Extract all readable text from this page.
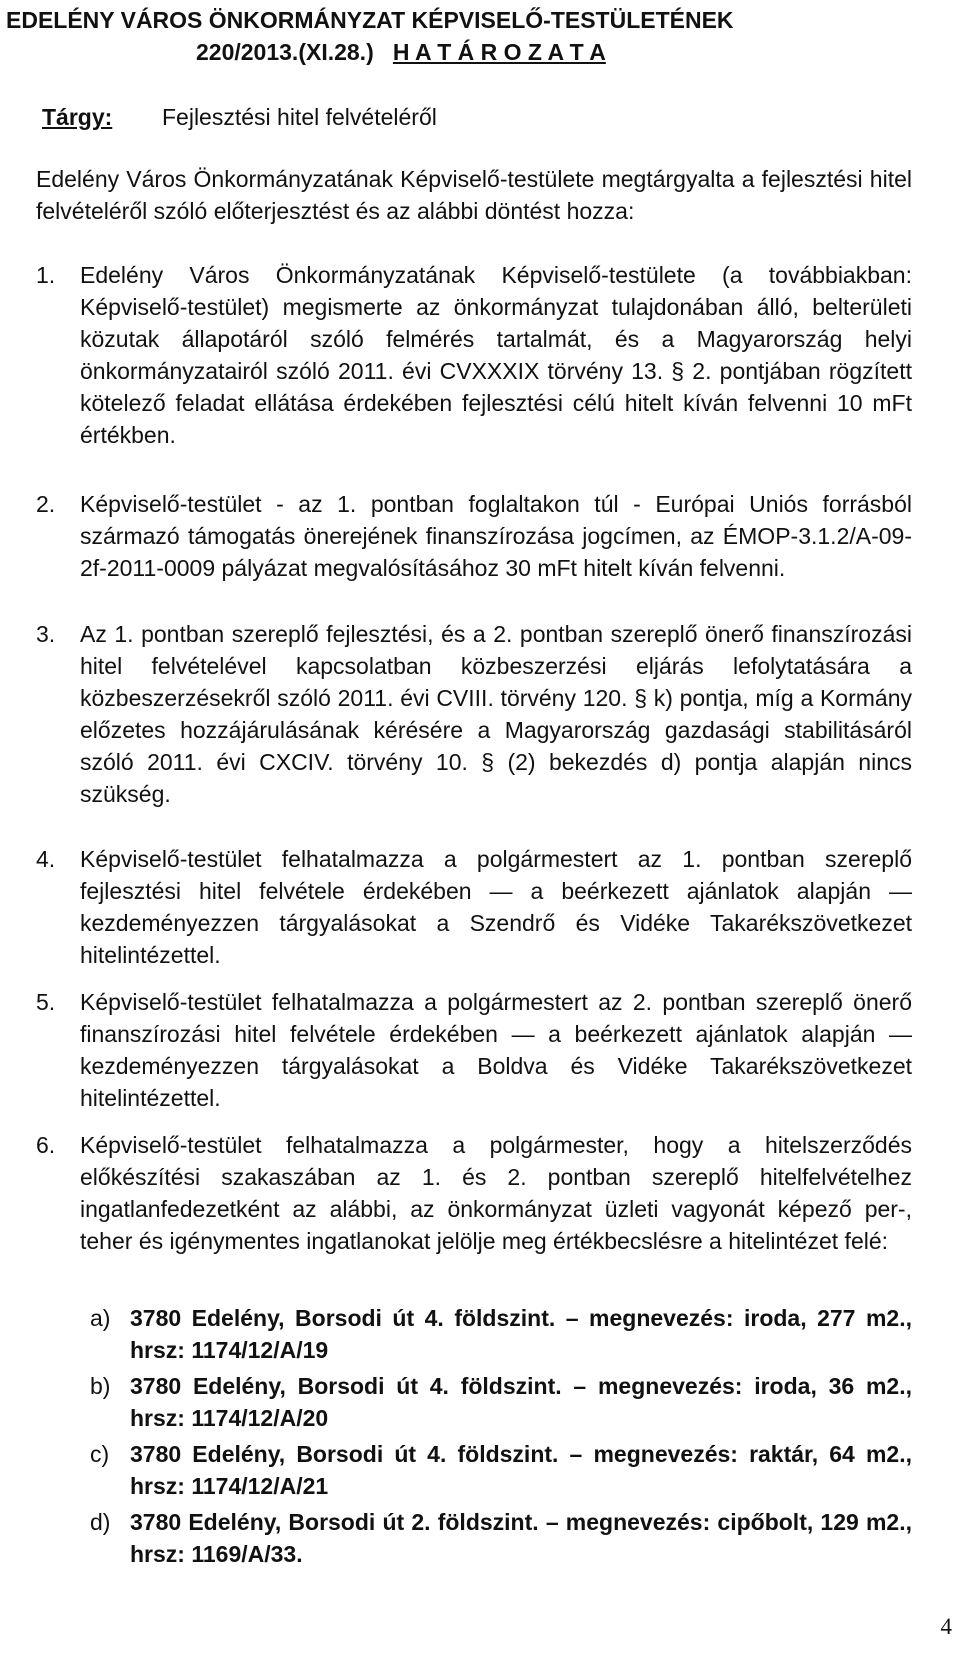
EDELÉNY VÁROS ÖNKORMÁNYZAT KÉPVISELŐ-TESTÜLETÉNEK
220/2013.(XI.28.) H A T Á R O Z A T A
Tárgy: Fejlesztési hitel felvételéről
Edelény Város Önkormányzatának Képviselő-testülete megtárgyalta a fejlesztési hitel felvételéről szóló előterjesztést és az alábbi döntést hozza:
1.	Edelény Város Önkormányzatának Képviselő-testülete (a továbbiakban: Képviselő-testület) megismerte az önkormányzat tulajdonában álló, belterületi közutak állapotáról szóló felmérés tartalmát, és a Magyarország helyi önkormányzatairól szóló 2011. évi CVXXXIX törvény 13. § 2. pontjában rögzített kötelező feladat ellátása érdekében fejlesztési célú hitelt kíván felvenni 10 mFt értékben.
2.	Képviselő-testület - az 1. pontban foglaltakon túl - Európai Uniós forrásból származó támogatás önerejének finanszírozása jogcímen, az ÉMOP-3.1.2/A-09-2f-2011-0009 pályázat megvalósításához 30 mFt hitelt kíván felvenni.
3.	Az 1. pontban szereplő fejlesztési, és a 2. pontban szereplő önerő finanszírozási hitel felvételével kapcsolatban közbeszerzési eljárás lefolytatására a közbeszerzésekről szóló 2011. évi CVIII. törvény 120. § k) pontja, míg a Kormány előzetes hozzájárulásának kérésére a Magyarország gazdasági stabilitásáról szóló 2011. évi CXCIV. törvény 10. § (2) bekezdés d) pontja alapján nincs szükség.
4.	Képviselő-testület felhatalmazza a polgármestert az 1. pontban szereplő fejlesztési hitel felvétele érdekében — a beérkezett ajánlatok alapján — kezdeményezzen tárgyalásokat a Szendrő és Vidéke Takarékszövetkezet hitelintézettel.
5.	Képviselő-testület felhatalmazza a polgármestert az 2. pontban szereplő önerő finanszírozási hitel felvétele érdekében — a beérkezett ajánlatok alapján — kezdeményezzen tárgyalásokat a Boldva és Vidéke Takarékszövetkezet hitelintézettel.
6.	Képviselő-testület felhatalmazza a polgármester, hogy a hitelszerződés előkészítési szakaszában az 1. és 2. pontban szereplő hitelfelvételhez ingatlanfedezetként az alábbi, az önkormányzat üzleti vagyonát képező per-, teher és igénymentes ingatlanokat jelölje meg értékbecslésre a hitelintézet felé:
a) 3780 Edelény, Borsodi út 4. földszint. – megnevezés: iroda, 277 m2., hrsz: 1174/12/A/19
b) 3780 Edelény, Borsodi út 4. földszint. – megnevezés: iroda, 36 m2., hrsz: 1174/12/A/20
c) 3780 Edelény, Borsodi út 4. földszint. – megnevezés: raktár, 64 m2., hrsz: 1174/12/A/21
d) 3780 Edelény, Borsodi út 2. földszint. – megnevezés: cipőbolt, 129 m2., hrsz: 1169/A/33.
4
